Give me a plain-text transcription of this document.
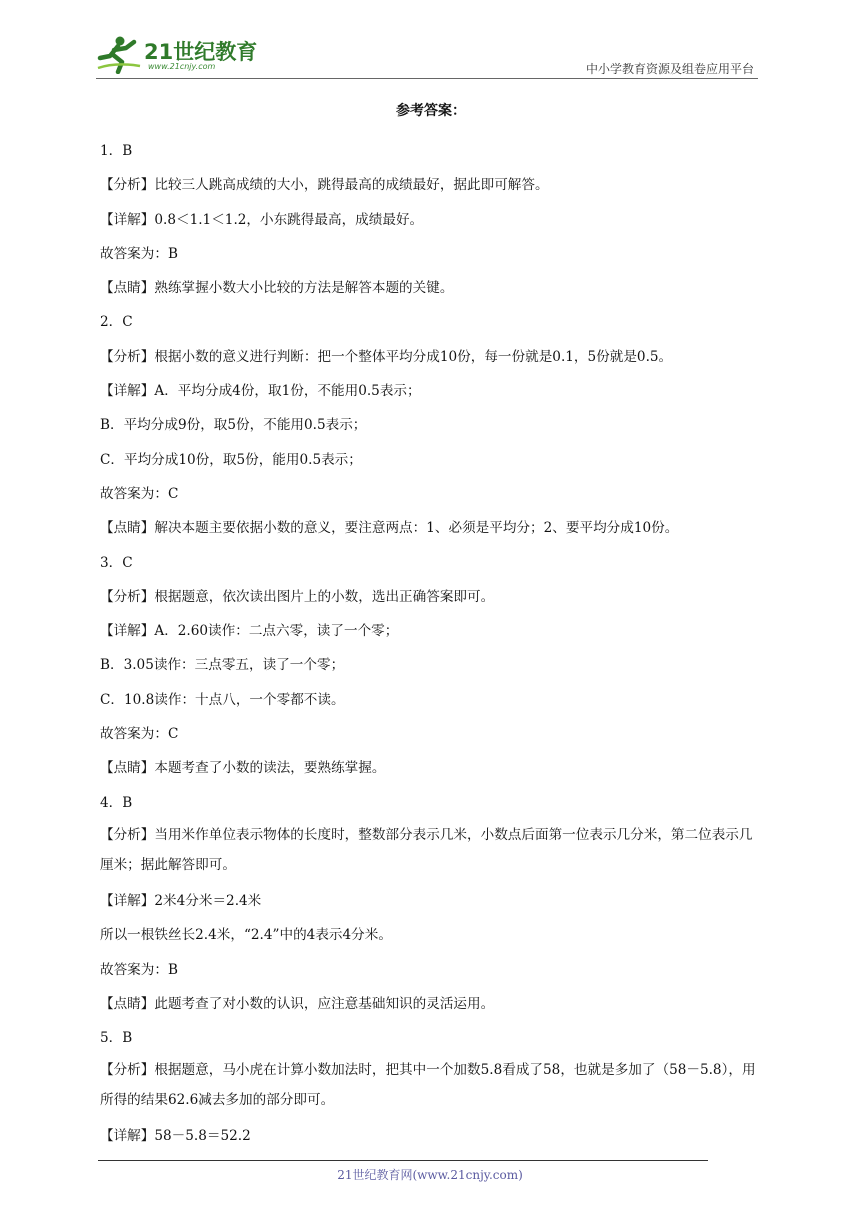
21世纪教育
www.21cnjy.com	中小学教育资源及组卷应用平台
参考答案：
1．B
【分析】比较三人跳高成绩的大小，跳得最高的成绩最好，据此即可解答。
【详解】0.8＜1.1＜1.2，小东跳得最高，成绩最好。
故答案为：B
【点睛】熟练掌握小数大小比较的方法是解答本题的关键。
2．C
【分析】根据小数的意义进行判断：把一个整体平均分成10份，每一份就是0.1，5份就是0.5。
【详解】A．平均分成4份，取1份，不能用0.5表示；
B．平均分成9份，取5份，不能用0.5表示；
C．平均分成10份，取5份，能用0.5表示；
故答案为：C
【点睛】解决本题主要依据小数的意义，要注意两点：1、必须是平均分；2、要平均分成10份。
3．C
【分析】根据题意，依次读出图片上的小数，选出正确答案即可。
【详解】A．2.60读作：二点六零，读了一个零；
B．3.05读作：三点零五，读了一个零；
C．10.8读作：十点八，一个零都不读。
故答案为：C
【点睛】本题考查了小数的读法，要熟练掌握。
4．B
【分析】当用米作单位表示物体的长度时，整数部分表示几米，小数点后面第一位表示几分米，第二位表示几厘米；据此解答即可。
【详解】2米4分米＝2.4米
所以一根铁丝长2.4米，“2.4”中的4表示4分米。
故答案为：B
【点睛】此题考查了对小数的认识，应注意基础知识的灵活运用。
5．B
【分析】根据题意，马小虎在计算小数加法时，把其中一个加数5.8看成了58，也就是多加了（58－5.8），用所得的结果62.6减去多加的部分即可。
【详解】58－5.8＝52.2
21世纪教育网(www.21cnjy.com)
